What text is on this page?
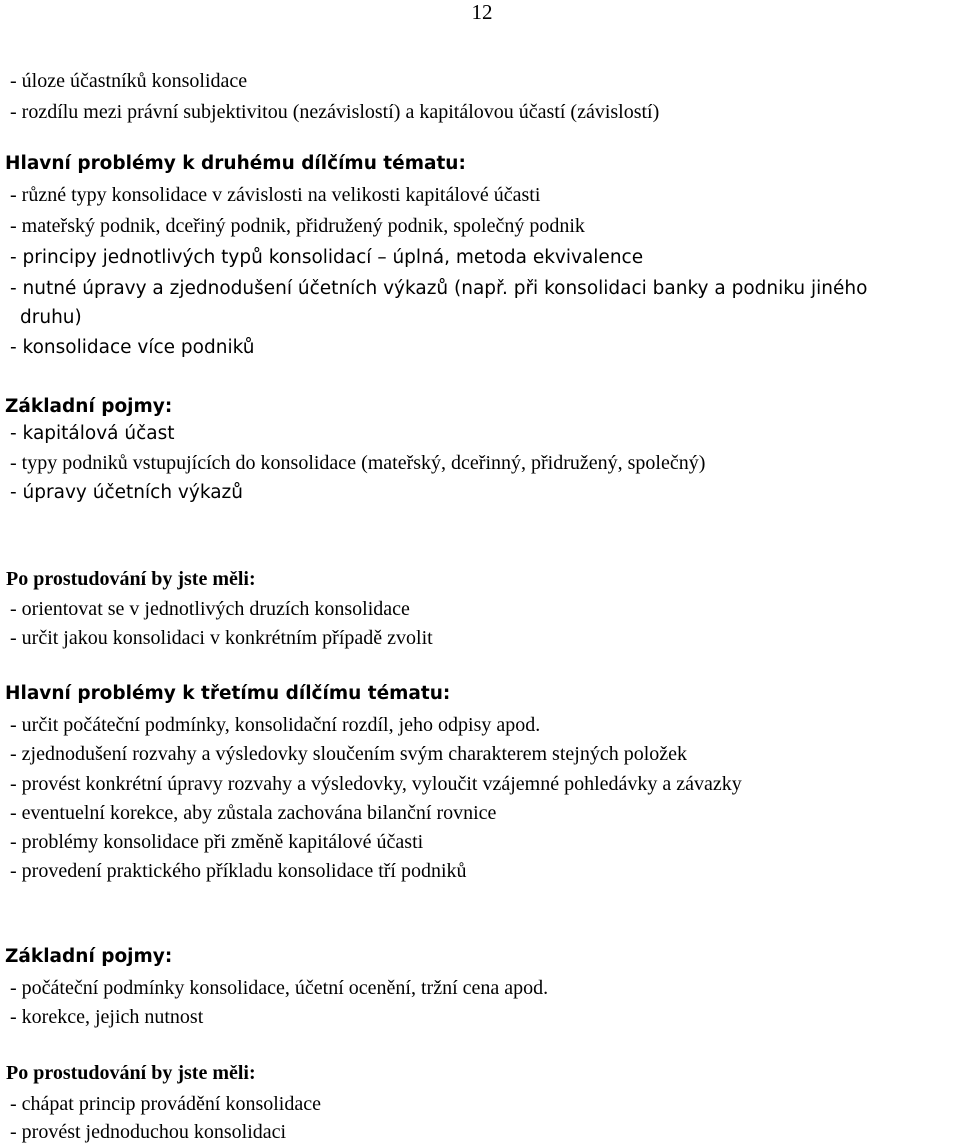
12
- úloze účastníků konsolidace
- rozdílu mezi právní subjektivitou (nezávislostí) a kapitálovou účastí (závislostí)
Hlavní problémy k druhému dílčímu tématu:
- různé typy konsolidace v závislosti na velikosti kapitálové účasti
- mateřský podnik, dceřiný podnik, přidružený podnik, společný podnik
- principy jednotlivých typů konsolidací – úplná, metoda ekvivalence
- nutné úpravy a zjednodušení účetních výkazů (např. při konsolidaci banky a podniku jiného
druhu)
- konsolidace více podniků
Základní pojmy:
- kapitálová účast
- typy podniků vstupujících do konsolidace (mateřský, dceřinný, přidružený, společný)
- úpravy účetních výkazů
Po prostudování by jste měli:
- orientovat se v jednotlivých druzích konsolidace
- určit jakou konsolidaci v konkrétním případě zvolit
Hlavní problémy k třetímu dílčímu tématu:
- určit počáteční podmínky, konsolidační rozdíl, jeho odpisy apod.
- zjednodušení rozvahy a výsledovky sloučením svým charakterem stejných položek
- provést konkrétní úpravy rozvahy a výsledovky, vyloučit vzájemné pohledávky a závazky
- eventuelní korekce, aby zůstala zachována bilanční rovnice
- problémy konsolidace při změně kapitálové účasti
- provedení praktického příkladu konsolidace tří podniků
Základní pojmy:
- počáteční podmínky konsolidace, účetní ocenění, tržní cena apod.
- korekce, jejich nutnost
Po prostudování by jste měli:
- chápat princip provádění konsolidace
- provést jednoduchou konsolidaci
